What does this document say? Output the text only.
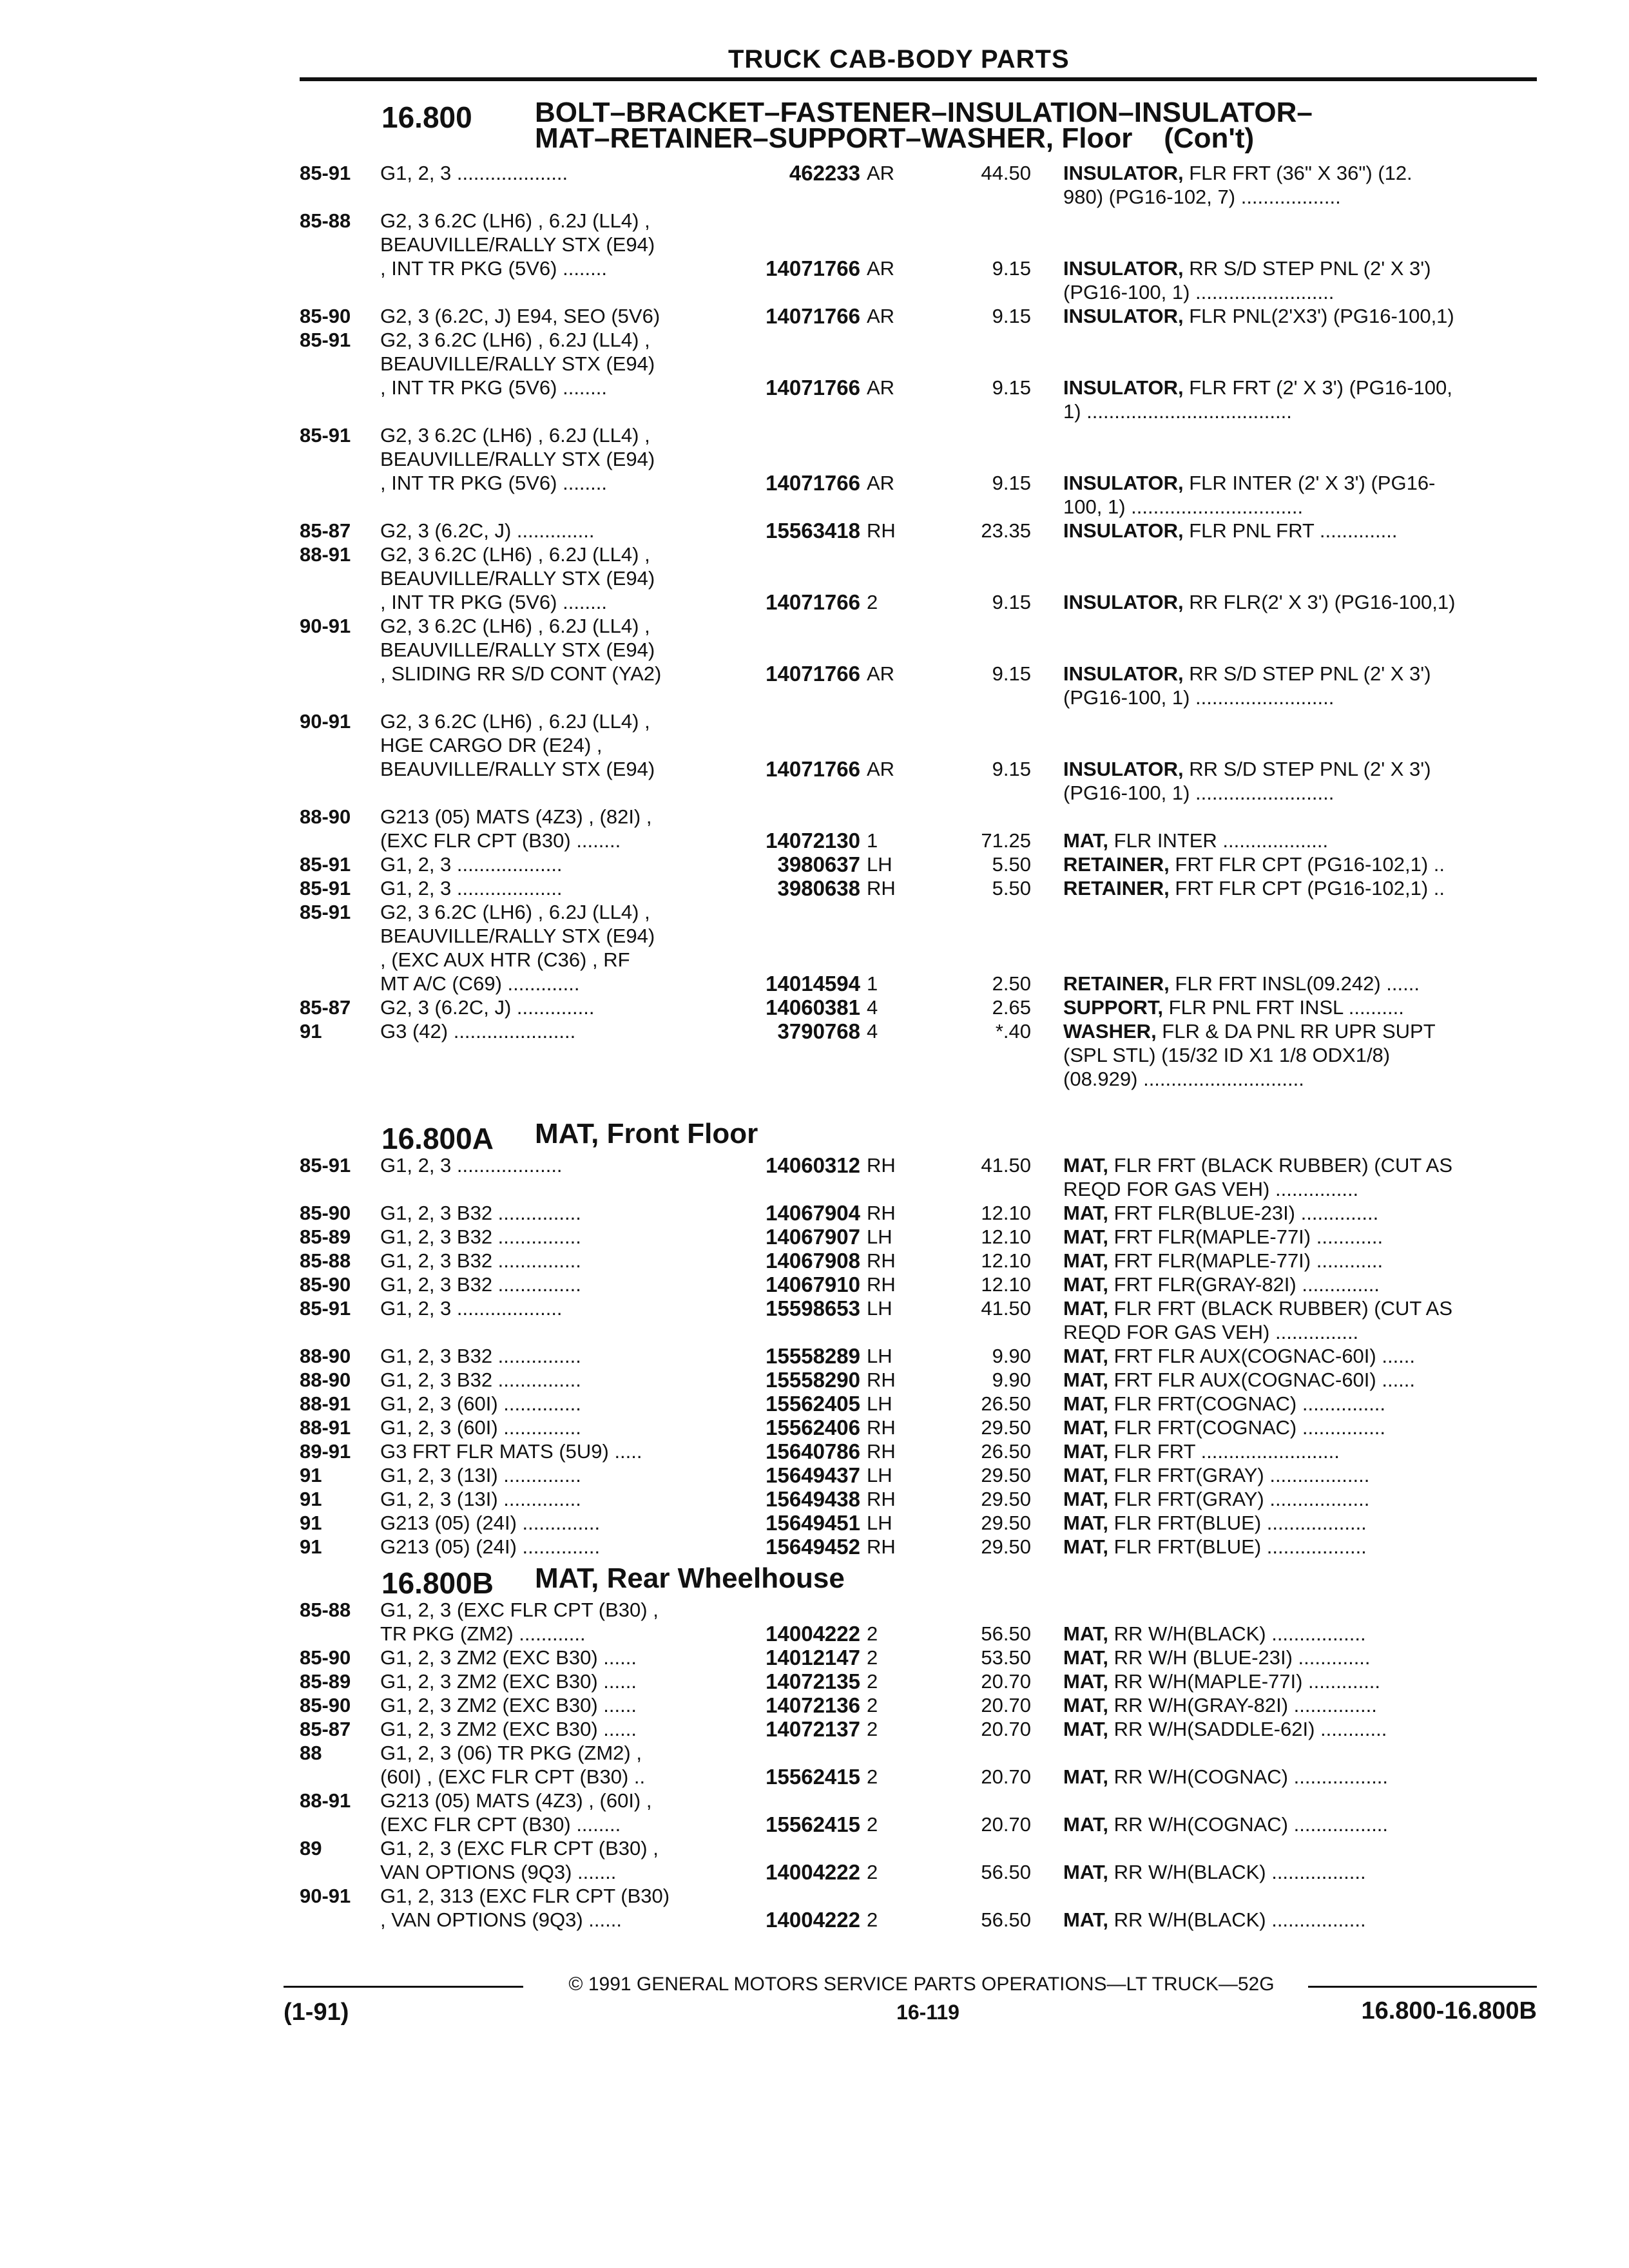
TRUCK CAB-BODY PARTS
16.800 BOLT–BRACKET–FASTENER–INSULATION–INSULATOR–
MAT–RETAINER–SUPPORT–WASHER, Floor (Con't)
85-91	G1, 2, 3 ....................	462233 AR	44.50 INSULATOR, FLR FRT (36" X 36") (12.
980) (PG16-102, 7) ..................
85-88	G2, 3 6.2C (LH6) , 6.2J (LL4) ,
BEAUVILLE/RALLY STX (E94)
, INT TR PKG (5V6) ........	14071766 AR	9.15 INSULATOR, RR S/D STEP PNL (2' X 3')
(PG16-100, 1) .........................
85-90	G2, 3 (6.2C, J) E94, SEO (5V6)	14071766 AR	9.15 INSULATOR, FLR PNL(2'X3') (PG16-100,1)
85-91	G2, 3 6.2C (LH6) , 6.2J (LL4) ,
BEAUVILLE/RALLY STX (E94)
, INT TR PKG (5V6) ........	14071766 AR	9.15 INSULATOR, FLR FRT (2' X 3') (PG16-100,
1) .....................................
85-91	G2, 3 6.2C (LH6) , 6.2J (LL4) ,
BEAUVILLE/RALLY STX (E94)
, INT TR PKG (5V6) ........	14071766 AR	9.15 INSULATOR, FLR INTER (2' X 3') (PG16-
100, 1) ...............................
85-87	G2, 3 (6.2C, J) ..............	15563418 RH	23.35 INSULATOR, FLR PNL FRT ..............
88-91	G2, 3 6.2C (LH6) , 6.2J (LL4) ,
BEAUVILLE/RALLY STX (E94)
, INT TR PKG (5V6) ........	14071766 2	9.15 INSULATOR, RR FLR(2' X 3') (PG16-100,1)
90-91	G2, 3 6.2C (LH6) , 6.2J (LL4) ,
BEAUVILLE/RALLY STX (E94)
, SLIDING RR S/D CONT (YA2)	14071766 AR	9.15 INSULATOR, RR S/D STEP PNL (2' X 3')
(PG16-100, 1) .........................
90-91	G2, 3 6.2C (LH6) , 6.2J (LL4) ,
HGE CARGO DR (E24) ,
BEAUVILLE/RALLY STX (E94)	14071766 AR	9.15 INSULATOR, RR S/D STEP PNL (2' X 3')
(PG16-100, 1) .........................
88-90	G213 (05) MATS (4Z3) , (82I) ,
(EXC FLR CPT (B30) ........	14072130 1	71.25 MAT, FLR INTER ...................
85-91	G1, 2, 3 ...................	3980637 LH	5.50 RETAINER, FRT FLR CPT (PG16-102,1) ..
85-91	G1, 2, 3 ...................	3980638 RH	5.50 RETAINER, FRT FLR CPT (PG16-102,1) ..
85-91	G2, 3 6.2C (LH6) , 6.2J (LL4) ,
BEAUVILLE/RALLY STX (E94)
, (EXC AUX HTR (C36) , RF
MT A/C (C69) .............	14014594 1	2.50 RETAINER, FLR FRT INSL(09.242) ......
85-87	G2, 3 (6.2C, J) ..............	14060381 4	2.65 SUPPORT, FLR PNL FRT INSL ..........
91	G3 (42) ......................	3790768 4	*.40 WASHER, FLR & DA PNL RR UPR SUPT
(SPL STL) (15/32 ID X1 1/8 ODX1/8)
(08.929) .............................
16.800A MAT, Front Floor
85-91	G1, 2, 3 ...................	14060312 RH	41.50 MAT, FLR FRT (BLACK RUBBER) (CUT AS
REQD FOR GAS VEH) ...............
85-90	G1, 2, 3 B32 ...............	14067904 RH	12.10 MAT, FRT FLR(BLUE-23I) ..............
85-89	G1, 2, 3 B32 ...............	14067907 LH	12.10 MAT, FRT FLR(MAPLE-77I) ............
85-88	G1, 2, 3 B32 ...............	14067908 RH	12.10 MAT, FRT FLR(MAPLE-77I) ............
85-90	G1, 2, 3 B32 ...............	14067910 RH	12.10 MAT, FRT FLR(GRAY-82I) ..............
85-91	G1, 2, 3 ...................	15598653 LH	41.50 MAT, FLR FRT (BLACK RUBBER) (CUT AS
REQD FOR GAS VEH) ...............
88-90	G1, 2, 3 B32 ...............	15558289 LH	9.90 MAT, FRT FLR AUX(COGNAC-60I) ......
88-90	G1, 2, 3 B32 ...............	15558290 RH	9.90 MAT, FRT FLR AUX(COGNAC-60I) ......
88-91	G1, 2, 3 (60I) ..............	15562405 LH	26.50 MAT, FLR FRT(COGNAC) ...............
88-91	G1, 2, 3 (60I) ..............	15562406 RH	29.50 MAT, FLR FRT(COGNAC) ...............
89-91	G3 FRT FLR MATS (5U9) .....	15640786 RH	26.50 MAT, FLR FRT .........................
91	G1, 2, 3 (13I) ..............	15649437 LH	29.50 MAT, FLR FRT(GRAY) ..................
91	G1, 2, 3 (13I) ..............	15649438 RH	29.50 MAT, FLR FRT(GRAY) ..................
91	G213 (05) (24I) ..............	15649451 LH	29.50 MAT, FLR FRT(BLUE) ..................
91	G213 (05) (24I) ..............	15649452 RH	29.50 MAT, FLR FRT(BLUE) ..................
16.800B MAT, Rear Wheelhouse
85-88	G1, 2, 3 (EXC FLR CPT (B30) ,
TR PKG (ZM2) ............	14004222 2	56.50 MAT, RR W/H(BLACK) .................
85-90	G1, 2, 3 ZM2 (EXC B30) ......	14012147 2	53.50 MAT, RR W/H (BLUE-23I) .............
85-89	G1, 2, 3 ZM2 (EXC B30) ......	14072135 2	20.70 MAT, RR W/H(MAPLE-77I) .............
85-90	G1, 2, 3 ZM2 (EXC B30) ......	14072136 2	20.70 MAT, RR W/H(GRAY-82I) ...............
85-87	G1, 2, 3 ZM2 (EXC B30) ......	14072137 2	20.70 MAT, RR W/H(SADDLE-62I) ............
88	G1, 2, 3 (06) TR PKG (ZM2) ,
(60I) , (EXC FLR CPT (B30) ..	15562415 2	20.70 MAT, RR W/H(COGNAC) .................
88-91	G213 (05) MATS (4Z3) , (60I) ,
(EXC FLR CPT (B30) ........	15562415 2	20.70 MAT, RR W/H(COGNAC) .................
89	G1, 2, 3 (EXC FLR CPT (B30) ,
VAN OPTIONS (9Q3) .......	14004222 2	56.50 MAT, RR W/H(BLACK) .................
90-91	G1, 2, 313 (EXC FLR CPT (B30)
, VAN OPTIONS (9Q3) ......	14004222 2	56.50 MAT, RR W/H(BLACK) .................
© 1991 GENERAL MOTORS SERVICE PARTS OPERATIONS—LT TRUCK—52G
(1-91)	16-119	16.800-16.800B
